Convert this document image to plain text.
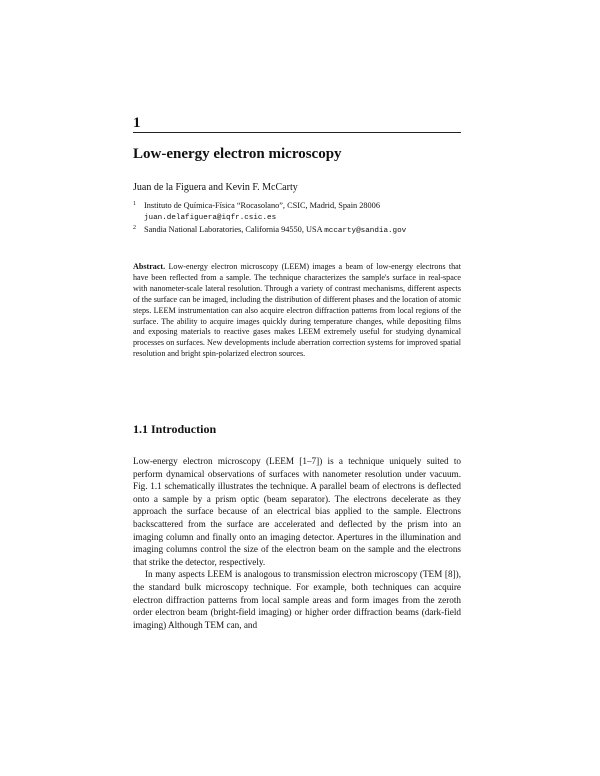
1
Low-energy electron microscopy
Juan de la Figuera and Kevin F. McCarty
1 Instituto de Química-Física “Rocasolano”, CSIC, Madrid, Spain 28006
juan.delafiguera@iqfr.csic.es
2 Sandia National Laboratories, California 94550, USA mccarty@sandia.gov
Abstract. Low-energy electron microscopy (LEEM) images a beam of low-energy electrons that have been reflected from a sample. The technique characterizes the sample's surface in real-space with nanometer-scale lateral resolution. Through a variety of contrast mechanisms, different aspects of the surface can be imaged, including the distribution of different phases and the location of atomic steps. LEEM instrumentation can also acquire electron diffraction patterns from local regions of the surface. The ability to acquire images quickly during temperature changes, while depositing films and exposing materials to reactive gases makes LEEM extremely useful for studying dynamical processes on surfaces. New developments include aberration correction systems for improved spatial resolution and bright spin-polarized electron sources.
1.1 Introduction

Low-energy electron microscopy (LEEM [1–7]) is a technique uniquely suited to perform dynamical observations of surfaces with nanometer resolution under vacuum. Fig. 1.1 schematically illustrates the technique. A parallel beam of electrons is deflected onto a sample by a prism optic (beam separator). The electrons decelerate as they approach the surface because of an electrical bias applied to the sample. Electrons backscattered from the surface are accelerated and deflected by the prism into an imaging column and finally onto an imaging detector. Apertures in the illumination and imaging columns control the size of the electron beam on the sample and the electrons that strike the detector, respectively.

In many aspects LEEM is analogous to transmission electron microscopy (TEM [8]), the standard bulk microscopy technique. For example, both techniques can acquire electron diffraction patterns from local sample areas and form images from the zeroth order electron beam (bright-field imaging) or higher order diffraction beams (dark-field imaging) Although TEM can, and
